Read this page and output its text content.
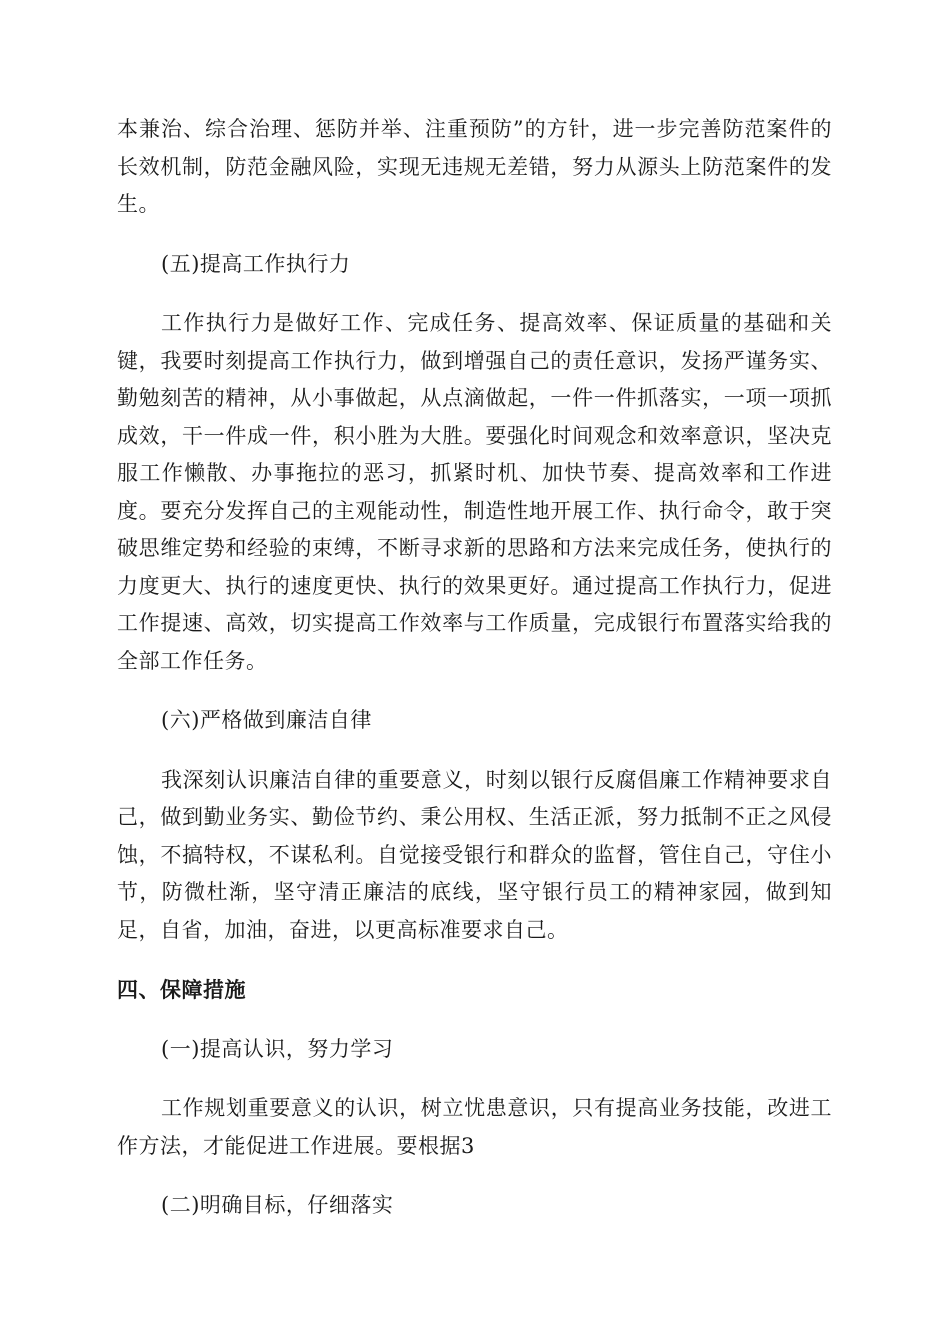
本兼治、综合治理、惩防并举、注重预防”的方针，进一步完善防范案件的长效机制，防范金融风险，实现无违规无差错，努力从源头上防范案件的发生。

(五)提高工作执行力

工作执行力是做好工作、完成任务、提高效率、保证质量的基础和关键，我要时刻提高工作执行力，做到增强自己的责任意识，发扬严谨务实、勤勉刻苦的精神，从小事做起，从点滴做起，一件一件抓落实，一项一项抓成效，干一件成一件，积小胜为大胜。要强化时间观念和效率意识，坚决克服工作懒散、办事拖拉的恶习，抓紧时机、加快节奏、提高效率和工作进度。要充分发挥自己的主观能动性，制造性地开展工作、执行命令，敢于突破思维定势和经验的束缚，不断寻求新的思路和方法来完成任务，使执行的力度更大、执行的速度更快、执行的效果更好。通过提高工作执行力，促进工作提速、高效，切实提高工作效率与工作质量，完成银行布置落实给我的全部工作任务。

(六)严格做到廉洁自律

我深刻认识廉洁自律的重要意义，时刻以银行反腐倡廉工作精神要求自己，做到勤业务实、勤俭节约、秉公用权、生活正派，努力抵制不正之风侵蚀，不搞特权，不谋私利。自觉接受银行和群众的监督，管住自己，守住小节，防微杜渐，坚守清正廉洁的底线，坚守银行员工的精神家园，做到知足，自省，加油，奋进，以更高标准要求自己。

四、保障措施

(一)提高认识，努力学习

工作规划重要意义的认识，树立忧患意识，只有提高业务技能，改进工作方法，才能促进工作进展。要根据3

(二)明确目标，仔细落实
